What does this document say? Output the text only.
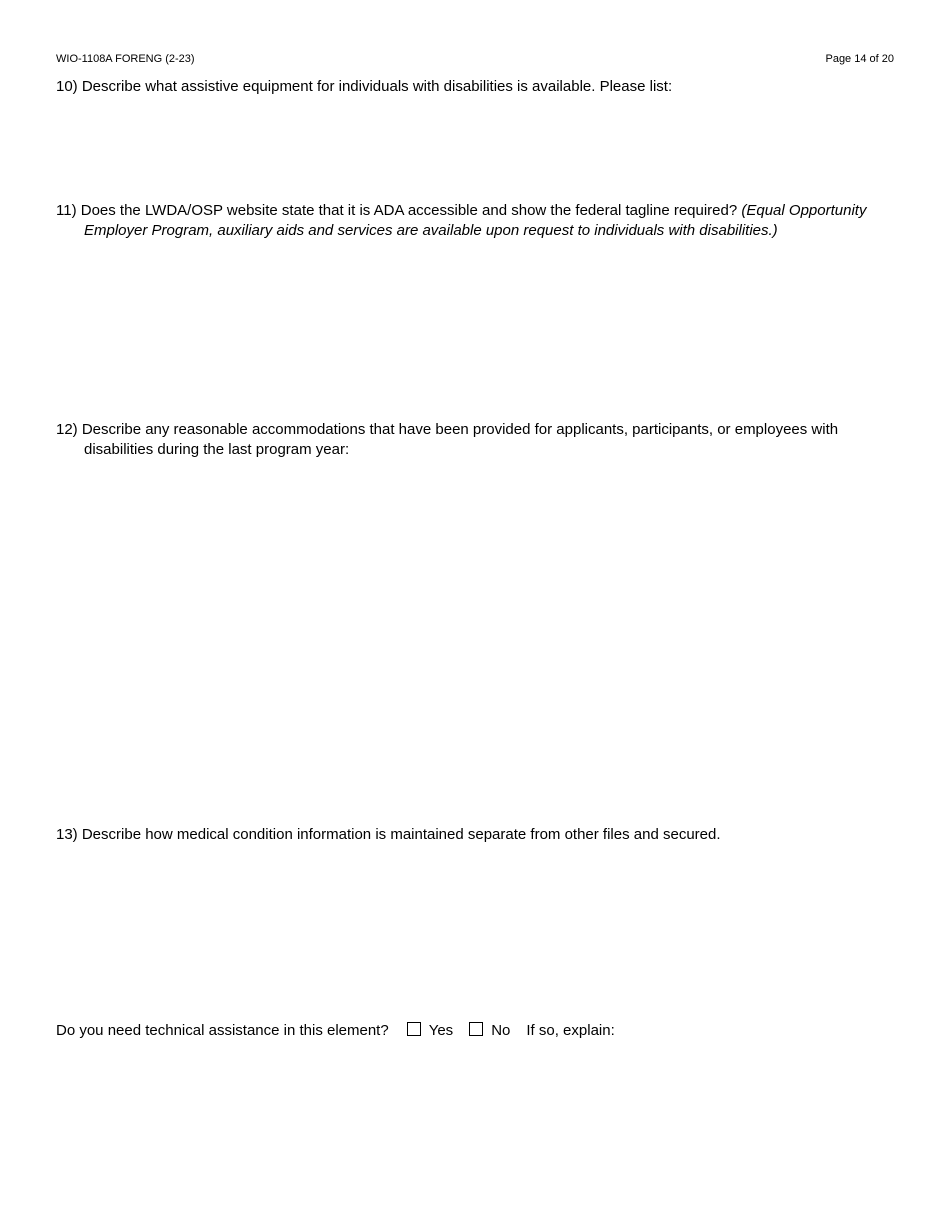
WIO-1108A FORENG (2-23)	Page 14 of 20
10) Describe what assistive equipment for individuals with disabilities is available. Please list:
11) Does the LWDA/OSP website state that it is ADA accessible and show the federal tagline required? (Equal Opportunity Employer Program, auxiliary aids and services are available upon request to individuals with disabilities.)
12) Describe any reasonable accommodations that have been provided for applicants, participants, or employees with disabilities during the last program year:
13) Describe how medical condition information is maintained separate from other files and secured.
Do you need technical assistance in this element?	Yes	No If so, explain:
